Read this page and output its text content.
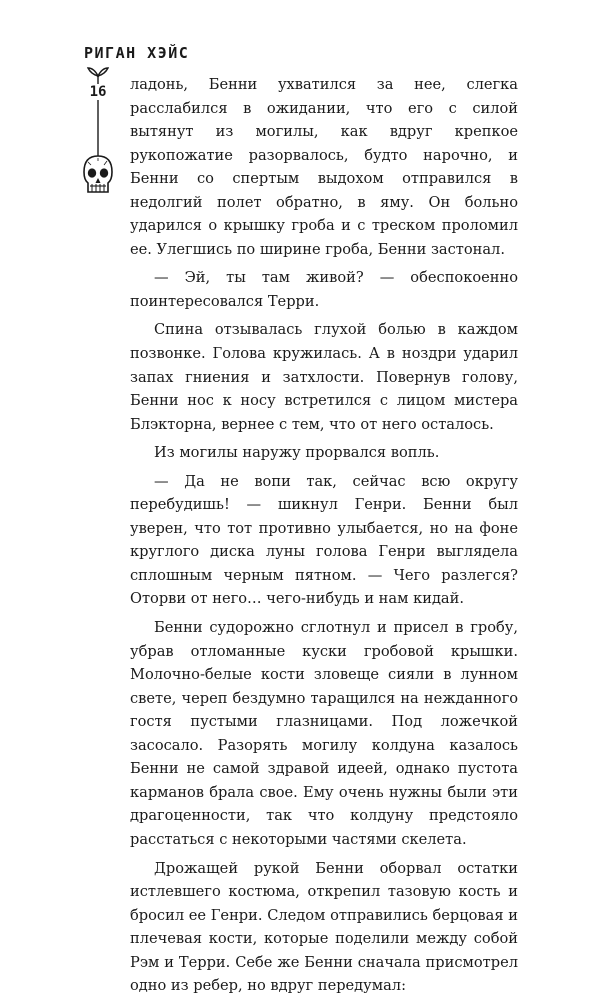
РИГАН ХЭЙС
16	ладонь, Бенни ухватился за нее, слегка расслабился в ожидании, что его с силой вытянут из могилы, как вдруг крепкое рукопожатие разорвалось, будто нарочно, и Бенни со спертым выдохом отправился в недолгий полет обратно, в яму. Он больно ударился о крышку гроба и с треском проломил ее. Улегшись по ширине гроба, Бенни застонал.

— Эй, ты там живой? — обеспокоенно поинтересовался Терри.

Спина отзывалась глухой болью в каждом позвонке. Голова кружилась. А в ноздри ударил запах гниения и затхлости. Повернув голову, Бенни нос к носу встретился с лицом мистера Блэкторна, вернее с тем, что от него осталось.

Из могилы наружу прорвался вопль.

— Да не вопи так, сейчас всю округу перебудишь! — шикнул Генри. Бенни был уверен, что тот противно улыбается, но на фоне круглого диска луны голова Генри выглядела сплошным черным пятном. — Чего разлегся? Оторви от него… чего-нибудь и нам кидай.

Бенни судорожно сглотнул и присел в гробу, убрав отломанные куски гробовой крышки. Молочно-белые кости зловеще сияли в лунном свете, череп бездумно таращился на нежданного гостя пустыми глазницами. Под ложечкой засосало. Разорять могилу колдуна казалось Бенни не самой здравой идеей, однако пустота карманов брала свое. Ему очень нужны были эти драгоценности, так что колдуну предстояло расстаться с некоторыми частями скелета.

Дрожащей рукой Бенни оборвал остатки истлевшего костюма, открепил тазовую кость и бросил ее Генри. Следом отправились берцовая и плечевая кости, которые поделили между собой Рэм и Терри. Себе же Бенни сначала присмотрел одно из ребер, но вдруг передумал:
